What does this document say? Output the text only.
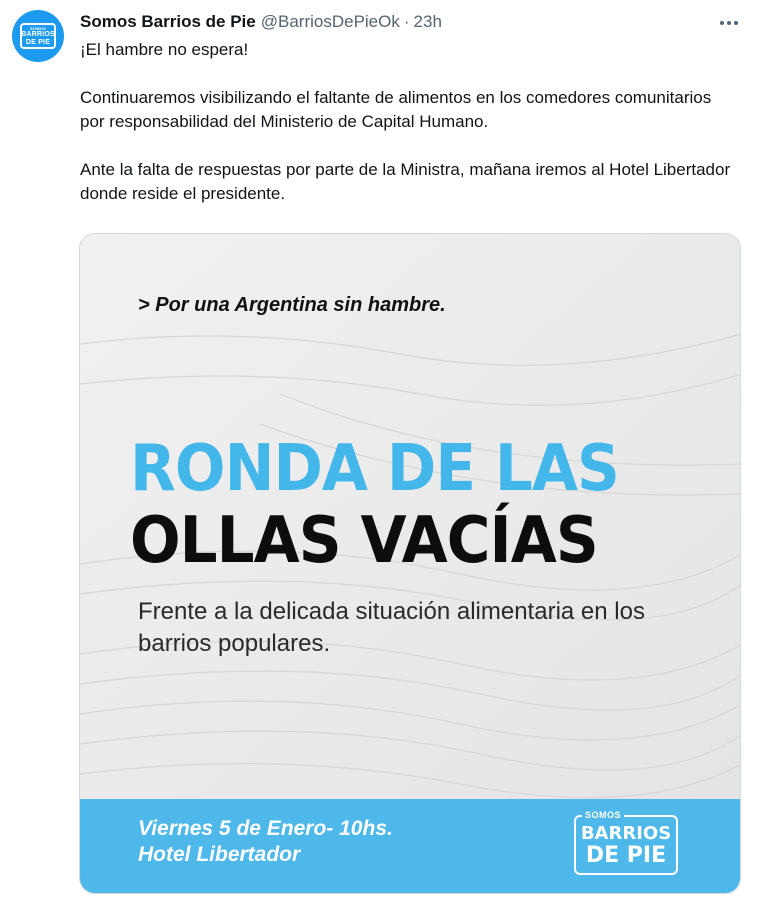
SOMOS
BARRIOS
DE PIE
Somos Barrios de Pie @BarriosDePieOk · 23h

¡El hambre no espera!

Continuaremos visibilizando el faltante de alimentos en los comedores comunitarios por responsabilidad del Ministerio de Capital Humano.

Ante la falta de respuestas por parte de la Ministra, mañana iremos al Hotel Libertador donde reside el presidente.

> Por una Argentina sin hambre.
RONDA DE LAS
OLLAS VACÍAS
Frente a la delicada situación alimentaria en los barrios populares.
Viernes 5 de Enero- 10hs.
Hotel Libertador
SOMOS
BARRIOS
DE PIE
